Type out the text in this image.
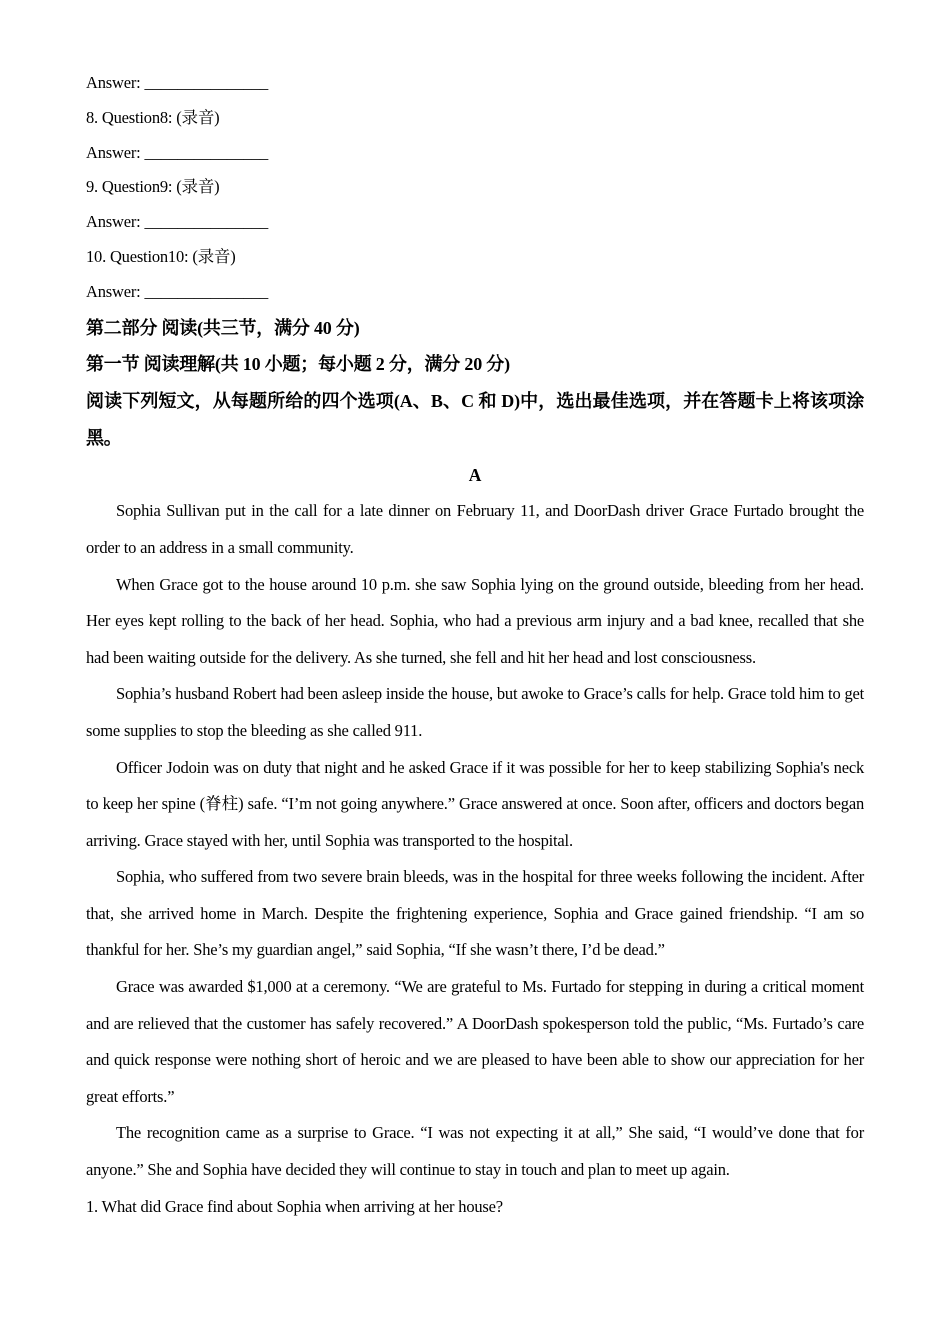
Answer: _______________

8. Question8: (录音)

Answer: _______________

9. Question9: (录音)

Answer: _______________

10. Question10: (录音)

Answer: _______________

第二部分 阅读(共三节，满分 40 分)

第一节 阅读理解(共 10 小题；每小题 2 分，满分 20 分)

阅读下列短文，从每题所给的四个选项(A、B、C 和 D)中，选出最佳选项，并在答题卡上将该项涂黑。

A

Sophia Sullivan put in the call for a late dinner on February 11, and DoorDash driver Grace Furtado brought the order to an address in a small community.

When Grace got to the house around 10 p.m. she saw Sophia lying on the ground outside, bleeding from her head. Her eyes kept rolling to the back of her head. Sophia, who had a previous arm injury and a bad knee, recalled that she had been waiting outside for the delivery. As she turned, she fell and hit her head and lost consciousness.

Sophia’s husband Robert had been asleep inside the house, but awoke to Grace’s calls for help. Grace told him to get some supplies to stop the bleeding as she called 911.

Officer Jodoin was on duty that night and he asked Grace if it was possible for her to keep stabilizing Sophia's neck to keep her spine (脊柱) safe. “I’m not going anywhere.” Grace answered at once. Soon after, officers and doctors began arriving. Grace stayed with her, until Sophia was transported to the hospital.

Sophia, who suffered from two severe brain bleeds, was in the hospital for three weeks following the incident. After that, she arrived home in March. Despite the frightening experience, Sophia and Grace gained friendship. “I am so thankful for her. She’s my guardian angel,” said Sophia, “If she wasn’t there, I’d be dead.”

Grace was awarded $1,000 at a ceremony. “We are grateful to Ms. Furtado for stepping in during a critical moment and are relieved that the customer has safely recovered.” A DoorDash spokesperson told the public, “Ms. Furtado’s care and quick response were nothing short of heroic and we are pleased to have been able to show our appreciation for her great efforts.”

The recognition came as a surprise to Grace. “I was not expecting it at all,” She said, “I would’ve done that for anyone.” She and Sophia have decided they will continue to stay in touch and plan to meet up again.

1. What did Grace find about Sophia when arriving at her house?
